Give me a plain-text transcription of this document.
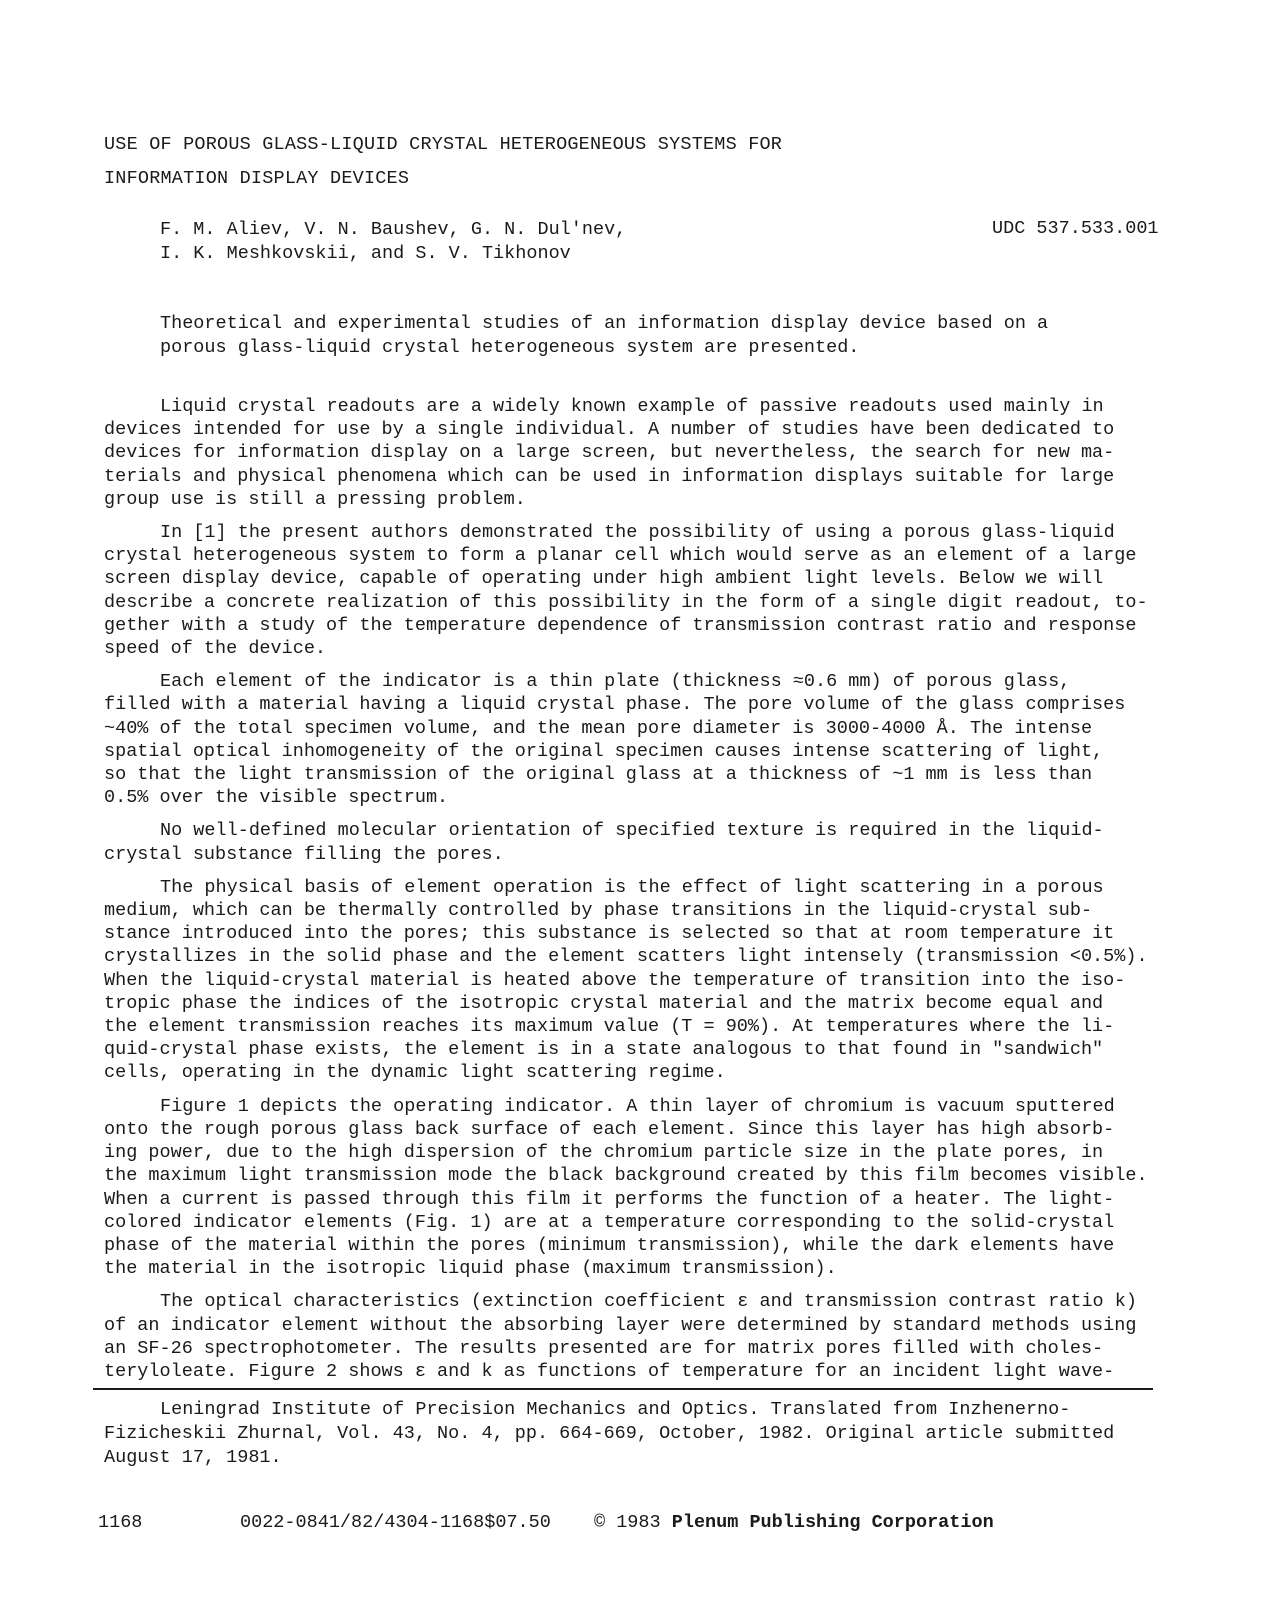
USE OF POROUS GLASS-LIQUID CRYSTAL HETEROGENEOUS SYSTEMS FOR
INFORMATION DISPLAY DEVICES
F. M. Aliev, V. N. Baushev, G. N. Dul'nev,
I. K. Meshkovskii, and S. V. Tikhonov
UDC 537.533.001
Theoretical and experimental studies of an information display device based on a
porous glass-liquid crystal heterogeneous system are presented.
Liquid crystal readouts are a widely known example of passive readouts used mainly in
devices intended for use by a single individual. A number of studies have been dedicated to
devices for information display on a large screen, but nevertheless, the search for new ma-
terials and physical phenomena which can be used in information displays suitable for large
group use is still a pressing problem.
In [1] the present authors demonstrated the possibility of using a porous glass-liquid
crystal heterogeneous system to form a planar cell which would serve as an element of a large
screen display device, capable of operating under high ambient light levels. Below we will
describe a concrete realization of this possibility in the form of a single digit readout, to-
gether with a study of the temperature dependence of transmission contrast ratio and response
speed of the device.
Each element of the indicator is a thin plate (thickness ≈0.6 mm) of porous glass,
filled with a material having a liquid crystal phase. The pore volume of the glass comprises
~40% of the total specimen volume, and the mean pore diameter is 3000-4000 Å. The intense
spatial optical inhomogeneity of the original specimen causes intense scattering of light,
so that the light transmission of the original glass at a thickness of ~1 mm is less than
0.5% over the visible spectrum.
No well-defined molecular orientation of specified texture is required in the liquid-
crystal substance filling the pores.
The physical basis of element operation is the effect of light scattering in a porous
medium, which can be thermally controlled by phase transitions in the liquid-crystal sub-
stance introduced into the pores; this substance is selected so that at room temperature it
crystallizes in the solid phase and the element scatters light intensely (transmission <0.5%).
When the liquid-crystal material is heated above the temperature of transition into the iso-
tropic phase the indices of the isotropic crystal material and the matrix become equal and
the element transmission reaches its maximum value (T = 90%). At temperatures where the li-
quid-crystal phase exists, the element is in a state analogous to that found in "sandwich"
cells, operating in the dynamic light scattering regime.
Figure 1 depicts the operating indicator. A thin layer of chromium is vacuum sputtered
onto the rough porous glass back surface of each element. Since this layer has high absorb-
ing power, due to the high dispersion of the chromium particle size in the plate pores, in
the maximum light transmission mode the black background created by this film becomes visible.
When a current is passed through this film it performs the function of a heater. The light-
colored indicator elements (Fig. 1) are at a temperature corresponding to the solid-crystal
phase of the material within the pores (minimum transmission), while the dark elements have
the material in the isotropic liquid phase (maximum transmission).
The optical characteristics (extinction coefficient ε and transmission contrast ratio k)
of an indicator element without the absorbing layer were determined by standard methods using
an SF-26 spectrophotometer. The results presented are for matrix pores filled with choles-
teryloleate. Figure 2 shows ε and k as functions of temperature for an incident light wave-
Leningrad Institute of Precision Mechanics and Optics. Translated from Inzhenerno-
Fizicheskii Zhurnal, Vol. 43, No. 4, pp. 664-669, October, 1982. Original article submitted
August 17, 1981.
1168	0022-0841/82/4304-1168$07.50 © 1983 Plenum Publishing Corporation
